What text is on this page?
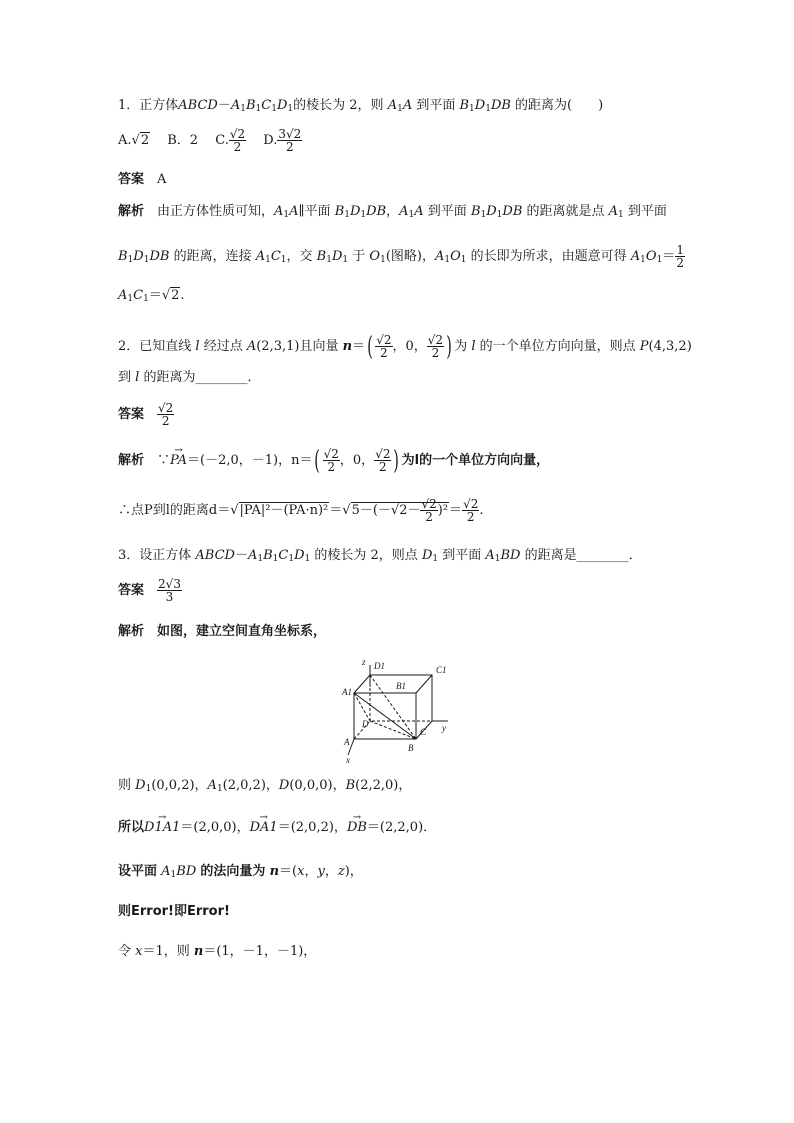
1．正方体$ABCD-A_1B_1C_1D_1$的棱长为 2，则 $A_1A$ 到平面 $B_1D_1DB$ 的距离为(　　)
A.√2 　 B．2 　 C. $\frac{√2}{2}$
　 D. $\frac{3√2}{2}$
答案　 A
解析　由正方体性质可知，$A_1A\parallel$平面 $B_1D_1DB$，$A_1A$ 到平面 $B_1D_1DB$ 的距离就是点 $A_1$ 到平面
$B_1D_1DB$ 的距离，连接 $A_1C_1$，交 $B_1D_1$ 于 $O_1$(图略)，$A_1O_1$ 的长即为所求，由题意可得 $A_1O_1= \frac{1}{2}$
$A_1C_1=√2$.
2．已知直线 l 经过点 A(2,3,1)且向量 $n=( \frac{√2}{2}$ ，0， $\frac{√2}{2}$ ) 为 l 的一个单位方向向量，则点 P(4,3,2)
到 l 的距离为________．
答案　 $\frac{√2}{2}$
解析　 ∵→ PA＝(－2,0，－1)，$n=( \frac{√2}{2}$ ，0， $\frac{√2}{2}$ ) 为l的一个单位方向向量，
∴点P到l的距离$d=√|PA|^2-(PA\cdot n)^2=√5-(-√2- \frac{√2}{2} )^2= \frac{√2}{2}$ .
3．设正方体 $ABCD-A_1B_1C_1D_1$ 的棱长为 2，则点 $D_1$ 到平面 $A_1BD$ 的距离是________．
答案　 $\frac{2√3}{3}$
解析　 如图，建立空间直角坐标系，
z D1	C1
B1
A1
D
C y
A
B
x
则 $D_1(0,0,2)$，$A_1(2,0,2)$，D(0,0,0)，B(2,2,0)，
所以→ D1A1＝(2,0,0)，→ DA1＝(2,0,2)，→ DB＝(2,2,0)．
设平面 $A_1BD$ 的法向量为 n＝(x，y，z)，
则Error!即Error!
令 x＝1，则 n＝(1，－1，－1)，
